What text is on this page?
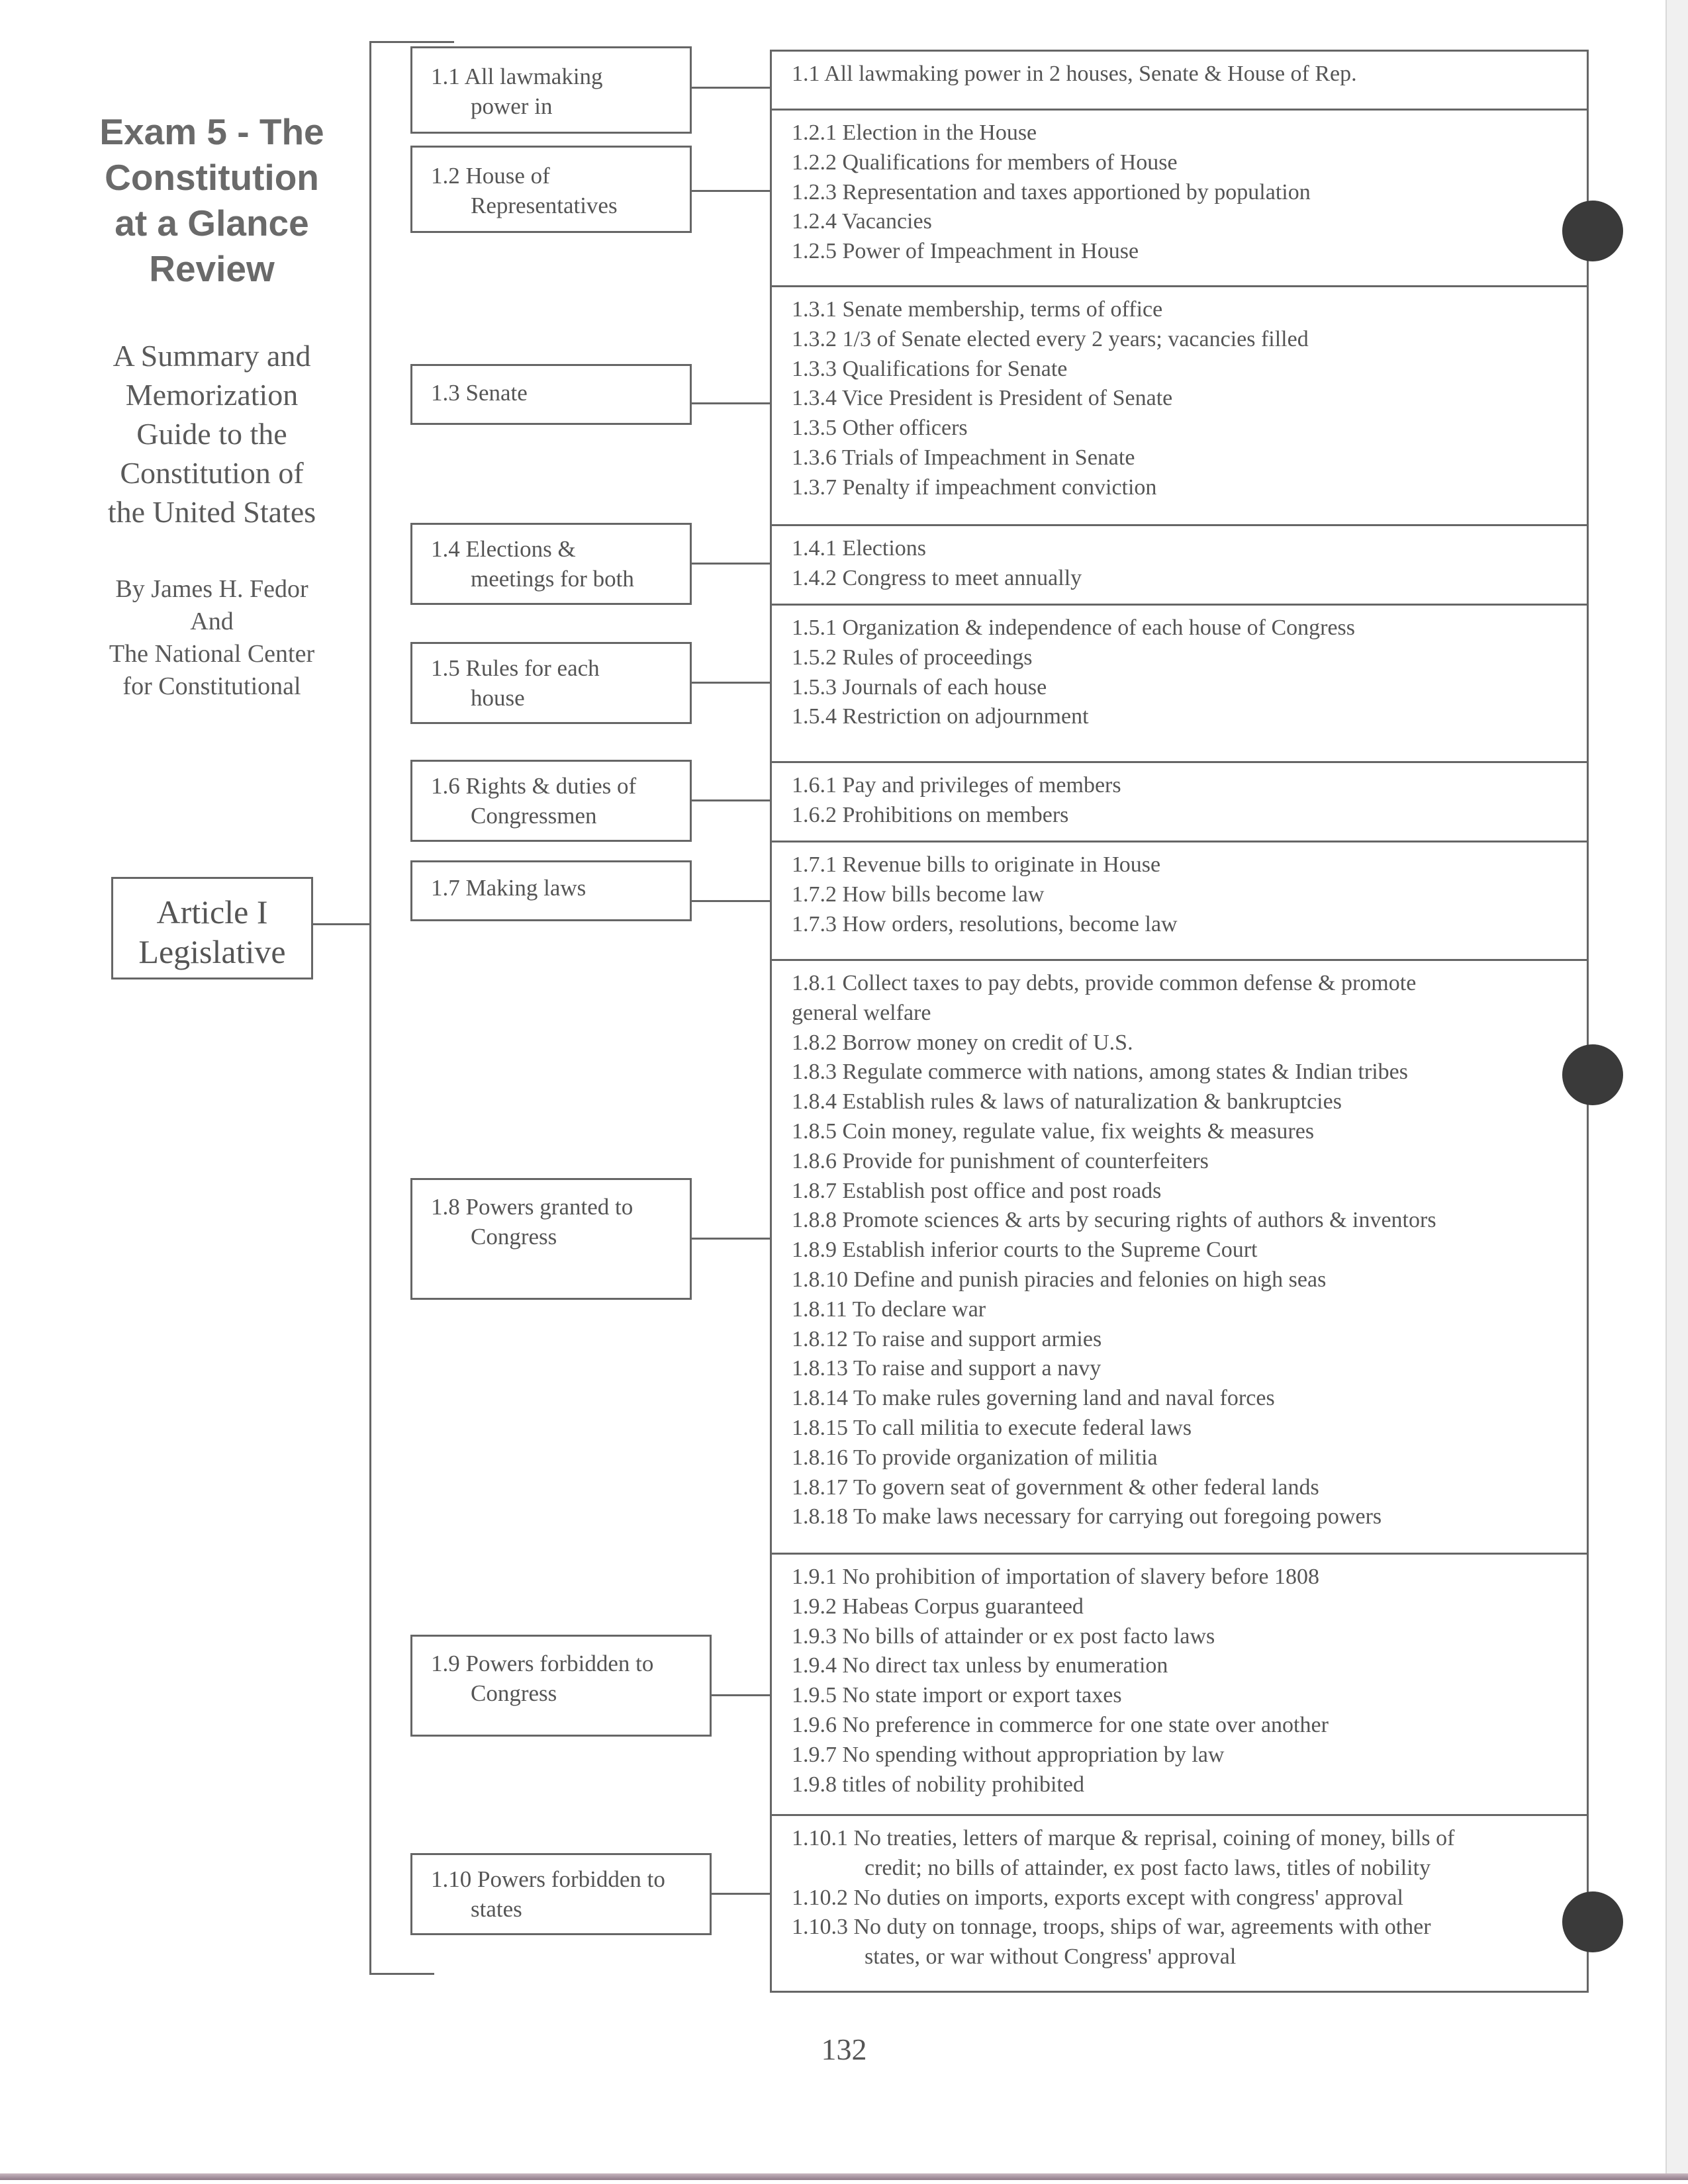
Exam 5 - The
Constitution
at a Glance
Review
A Summary and
Memorization
Guide to the
Constitution of
the United States
By James H. Fedor
And
The National Center
for Constitutional
Article I
Legislative
1.1 All lawmaking
power in
1.2 House of
Representatives
1.3 Senate
1.4 Elections &
meetings for both
1.5 Rules for each
house
1.6 Rights & duties of
Congressmen
1.7 Making laws
1.8 Powers granted to
Congress
1.9 Powers forbidden to
Congress
1.10 Powers forbidden to
states
1.1 All lawmaking power in 2 houses, Senate & House of Rep.
1.2.1 Election in the House
1.2.2 Qualifications for members of House
1.2.3 Representation and taxes apportioned by population
1.2.4 Vacancies
1.2.5 Power of Impeachment in House
1.3.1 Senate membership, terms of office
1.3.2 1/3 of Senate elected every 2 years; vacancies filled
1.3.3 Qualifications for Senate
1.3.4 Vice President is President of Senate
1.3.5 Other officers
1.3.6 Trials of Impeachment in Senate
1.3.7 Penalty if impeachment conviction
1.4.1 Elections
1.4.2 Congress to meet annually
1.5.1 Organization & independence of each house of Congress
1.5.2 Rules of proceedings
1.5.3 Journals of each house
1.5.4 Restriction on adjournment
1.6.1 Pay and privileges of members
1.6.2 Prohibitions on members
1.7.1 Revenue bills to originate in House
1.7.2 How bills become law
1.7.3 How orders, resolutions, become law
1.8.1 Collect taxes to pay debts, provide common defense & promote
general welfare
1.8.2 Borrow money on credit of U.S.
1.8.3 Regulate commerce with nations, among states & Indian tribes
1.8.4 Establish rules & laws of naturalization & bankruptcies
1.8.5 Coin money, regulate value, fix weights & measures
1.8.6 Provide for punishment of counterfeiters
1.8.7 Establish post office and post roads
1.8.8 Promote sciences & arts by securing rights of authors & inventors
1.8.9 Establish inferior courts to the Supreme Court
1.8.10 Define and punish piracies and felonies on high seas
1.8.11 To declare war
1.8.12 To raise and support armies
1.8.13 To raise and support a navy
1.8.14 To make rules governing land and naval forces
1.8.15 To call militia to execute federal laws
1.8.16 To provide organization of militia
1.8.17 To govern seat of government & other federal lands
1.8.18 To make laws necessary for carrying out foregoing powers
1.9.1 No prohibition of importation of slavery before 1808
1.9.2 Habeas Corpus guaranteed
1.9.3 No bills of attainder or ex post facto laws
1.9.4 No direct tax unless by enumeration
1.9.5 No state import or export taxes
1.9.6 No preference in commerce for one state over another
1.9.7 No spending without appropriation by law
1.9.8 titles of nobility prohibited
1.10.1 No treaties, letters of marque & reprisal, coining of money, bills of
credit; no bills of attainder, ex post facto laws, titles of nobility
1.10.2 No duties on imports, exports except with congress' approval
1.10.3 No duty on tonnage, troops, ships of war, agreements with other
states, or war without Congress' approval
132
